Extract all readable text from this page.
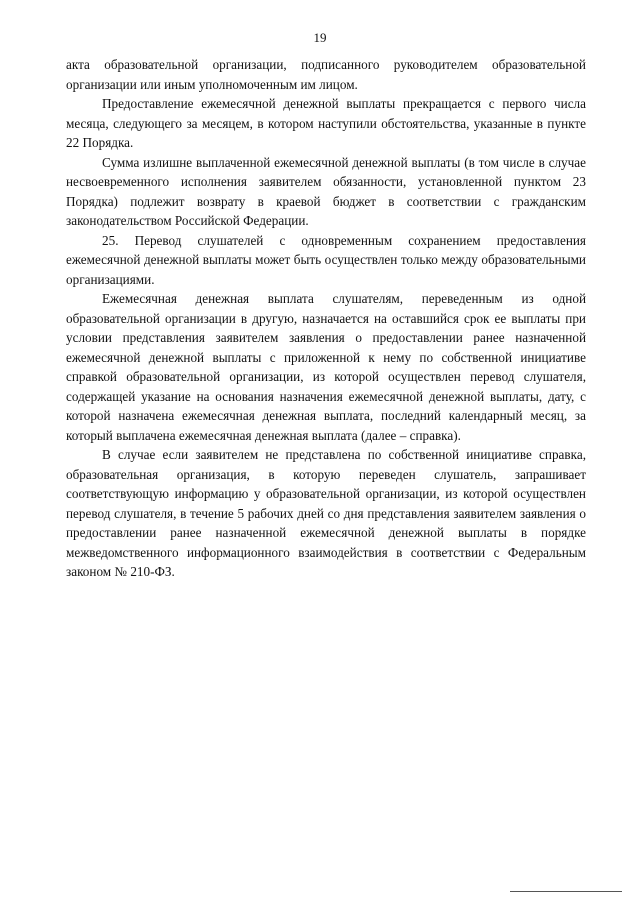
19

акта образовательной организации, подписанного руководителем образовательной организации или иным уполномоченным им лицом.

Предоставление ежемесячной денежной выплаты прекращается с первого числа месяца, следующего за месяцем, в котором наступили обстоятельства, указанные в пункте 22 Порядка.

Сумма излишне выплаченной ежемесячной денежной выплаты (в том числе в случае несвоевременного исполнения заявителем обязанности, установленной пунктом 23 Порядка) подлежит возврату в краевой бюджет в соответствии с гражданским законодательством Российской Федерации.

25. Перевод слушателей с одновременным сохранением предоставления ежемесячной денежной выплаты может быть осуществлен только между образовательными организациями.

Ежемесячная денежная выплата слушателям, переведенным из одной образовательной организации в другую, назначается на оставшийся срок ее выплаты при условии представления заявителем заявления о предоставлении ранее назначенной ежемесячной денежной выплаты с приложенной к нему по собственной инициативе справкой образовательной организации, из которой осуществлен перевод слушателя, содержащей указание на основания назначения ежемесячной денежной выплаты, дату, с которой назначена ежемесячная денежная выплата, последний календарный месяц, за который выплачена ежемесячная денежная выплата (далее – справка).

В случае если заявителем не представлена по собственной инициативе справка, образовательная организация, в которую переведен слушатель, запрашивает соответствующую информацию у образовательной организации, из которой осуществлен перевод слушателя, в течение 5 рабочих дней со дня представления заявителем заявления о предоставлении ранее назначенной ежемесячной денежной выплаты в порядке межведомственного информационного взаимодействия в соответствии с Федеральным законом № 210-ФЗ.
